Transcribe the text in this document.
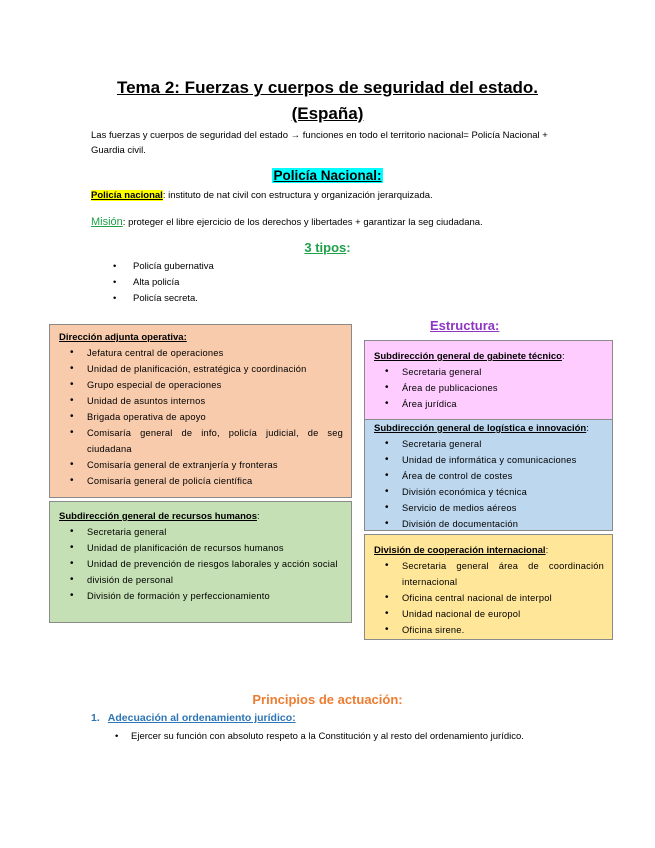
Tema 2: Fuerzas y cuerpos de seguridad del estado.
(España)
Las fuerzas y cuerpos de seguridad del estado → funciones en todo el territorio nacional= Policía Nacional + Guardia civil.
Policía Nacional:
Policía nacional: instituto de nat civil con estructura y organización jerarquizada.
Misión: proteger el libre ejercicio de los derechos y libertades + garantizar la seg ciudadana.
3 tipos:
• Policía gubernativa
• Alta policía
• Policía secreta.
Estructura:
Dirección adjunta operativa:
• Jefatura central de operaciones
• Unidad de planificación, estratégica y coordinación
• Grupo especial de operaciones
• Unidad de asuntos internos
• Brigada operativa de apoyo
• Comisaría general de info, policía judicial, de seg ciudadana
• Comisaría general de extranjería y fronteras
• Comisaría general de policía científica
Subdirección general de recursos humanos:
• Secretaria general
• Unidad de planificación de recursos humanos
• Unidad de prevención de riesgos laborales y acción social
• división de personal
• División de formación y perfeccionamiento
Subdirección general de logística e innovación:
• Secretaria general
• Unidad de informática y comunicaciones
• Área de control de costes
• División económica y técnica
• Servicio de medios aéreos
• División de documentación
Subdirección general de gabinete técnico:
• Secretaria general
• Área de publicaciones
• Área jurídica
División de cooperación internacional:
• Secretaria general área de coordinación internacional
• Oficina central nacional de interpol
• Unidad nacional de europol
• Oficina sirene.
Principios de actuación:
1. Adecuación al ordenamiento jurídico:
•	Ejercer su función con absoluto respeto a la Constitución y al resto del ordenamiento jurídico.
